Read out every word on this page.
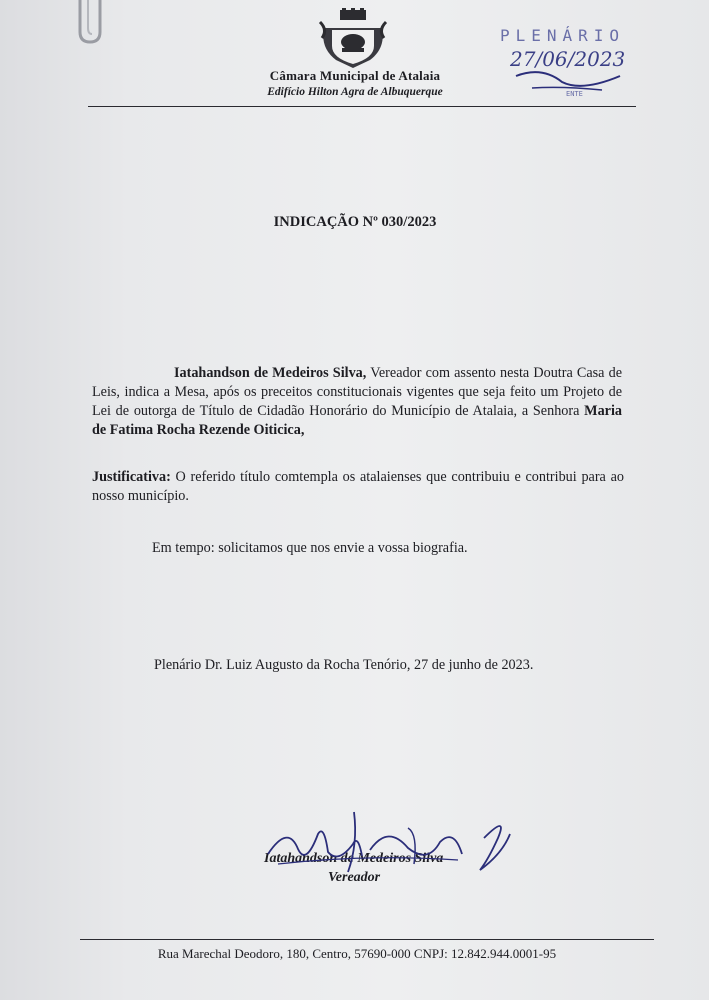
Câmara Municipal de Atalaia
Edifício Hilton Agra de Albuquerque
PLENÁRIO
27/06/2023
ENTE
INDICAÇÃO Nº 030/2023
Iatahandson de Medeiros Silva, Vereador com assento nesta Doutra Casa de Leis, indica a Mesa, após os preceitos constitucionais vigentes que seja feito um Projeto de Lei de outorga de Título de Cidadão Honorário do Município de Atalaia, a Senhora Maria de Fatima Rocha Rezende Oiticica,
Justificativa: O referido título comtempla os atalaienses que contribuiu e contribui para ao nosso município.
Em tempo: solicitamos que nos envie a vossa biografia.
Plenário Dr. Luiz Augusto da Rocha Tenório, 27 de junho de 2023.
Iatahandson de Medeiros Silva
Vereador
Rua Marechal Deodoro, 180, Centro, 57690-000 CNPJ: 12.842.944.0001-95
